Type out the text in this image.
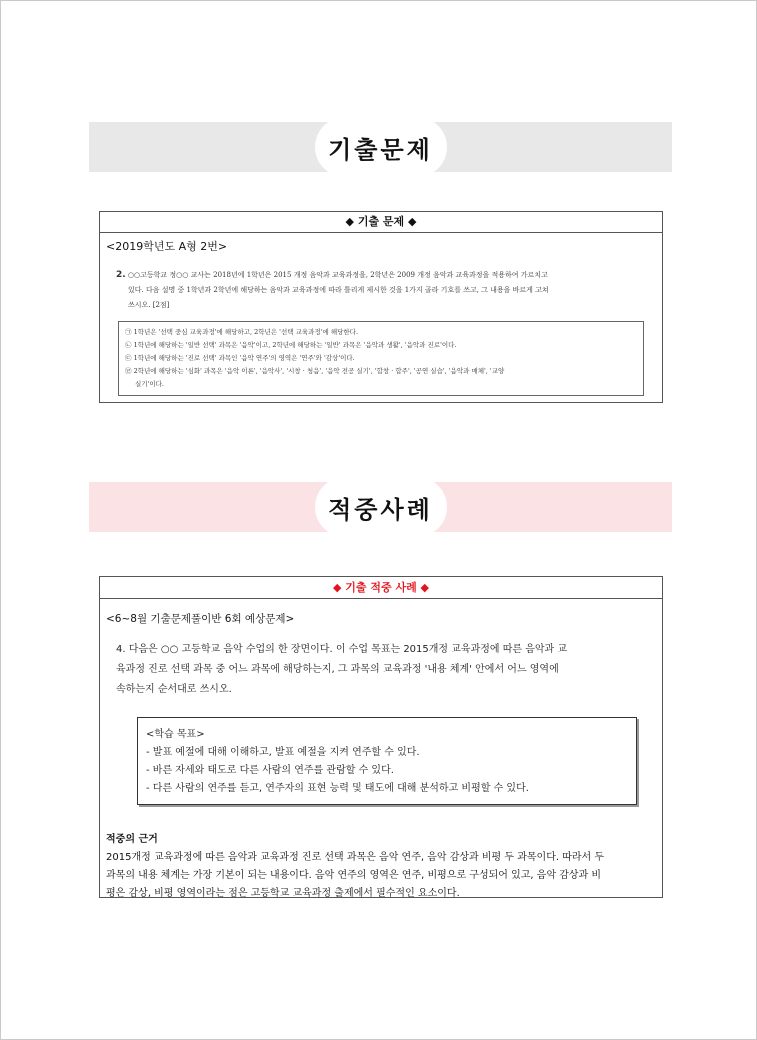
기출문제
◆ 기출 문제 ◆
<2019학년도 A형 2번>
2. ○○고등학교 정○○ 교사는 2018년에 1학년은 2015 개정 음악과 교육과정을, 2학년은 2009 개정 음악과 교육과정을 적용하여 가르치고
있다. 다음 설명 중 1학년과 2학년에 해당하는 음악과 교육과정에 따라 틀리게 제시한 것을 1가지 골라 기호를 쓰고, 그 내용을 바르게 고쳐
쓰시오. [2점]
㉠ 1학년은 '선택 중심 교육과정'에 해당하고, 2학년은 '선택 교육과정'에 해당한다.
㉡ 1학년에 해당하는 '일반 선택' 과목은 '음악'이고, 2학년에 해당하는 '일반' 과목은 '음악과 생활', '음악과 진로'이다.
㉢ 1학년에 해당하는 '진로 선택' 과목인 '음악 연주'의 영역은 '연주'와 '감상'이다.
㉣ 2학년에 해당하는 '심화' 과목은 '음악 이론', '음악사', '시창 · 청음', '음악 전공 실기', '합창 · 합주', '공연 실습', '음악과 매체', '교양
실기'이다.
적중사례
◆ 기출 적중 사례 ◆
<6~8월 기출문제풀이반 6회 예상문제>
4. 다음은 ○○ 고등학교 음악 수업의 한 장면이다. 이 수업 목표는 2015개정 교육과정에 따른 음악과 교
육과정 진로 선택 과목 중 어느 과목에 해당하는지, 그 과목의 교육과정 '내용 체계' 안에서 어느 영역에
속하는지 순서대로 쓰시오.
<학습 목표>
- 발표 예절에 대해 이해하고, 발표 예절을 지켜 연주할 수 있다.
- 바른 자세와 태도로 다른 사람의 연주를 관람할 수 있다.
- 다른 사람의 연주를 듣고, 연주자의 표현 능력 및 태도에 대해 분석하고 비평할 수 있다.
적중의 근거
2015개정 교육과정에 따른 음악과 교육과정 진로 선택 과목은 음악 연주, 음악 감상과 비평 두 과목이다. 따라서 두
과목의 내용 체계는 가장 기본이 되는 내용이다. 음악 연주의 영역은 연주, 비평으로 구성되어 있고, 음악 감상과 비
평은 감상, 비평 영역이라는 점은 고등학교 교육과정 출제에서 필수적인 요소이다.
